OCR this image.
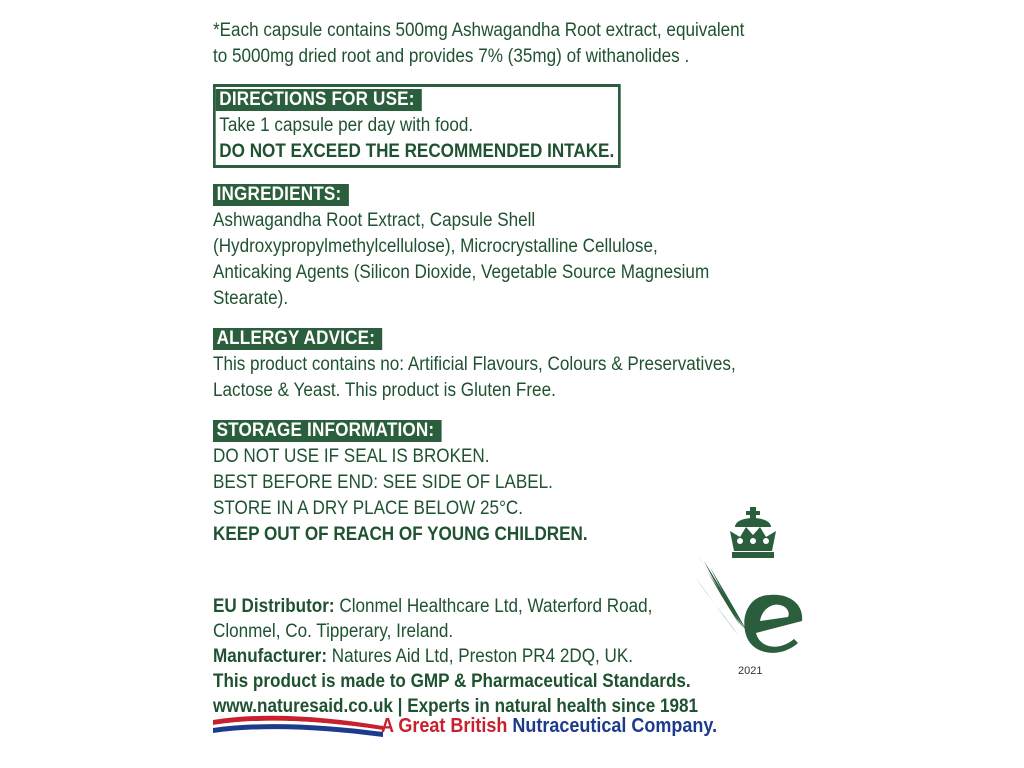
*Each capsule contains 500mg Ashwagandha Root extract, equivalent

to 5000mg dried root and provides 7% (35mg) of withanolides .

DIRECTIONS FOR USE:

Take 1 capsule per day with food.

DO NOT EXCEED THE RECOMMENDED INTAKE.

INGREDIENTS:

Ashwagandha Root Extract, Capsule Shell

(Hydroxypropylmethylcellulose), Microcrystalline Cellulose,

Anticaking Agents (Silicon Dioxide, Vegetable Source Magnesium

Stearate).

ALLERGY ADVICE:

This product contains no: Artificial Flavours, Colours & Preservatives,

Lactose & Yeast. This product is Gluten Free.

STORAGE INFORMATION:

DO NOT USE IF SEAL IS BROKEN.

BEST BEFORE END: SEE SIDE OF LABEL.

STORE IN A DRY PLACE BELOW 25°C.

KEEP OUT OF REACH OF YOUNG CHILDREN.

EU Distributor: Clonmel Healthcare Ltd, Waterford Road,

Clonmel, Co. Tipperary, Ireland.

Manufacturer: Natures Aid Ltd, Preston PR4 2DQ, UK.

This product is made to GMP & Pharmaceutical Standards.

www.naturesaid.co.uk | Experts in natural health since 1981

A Great British Nutraceutical Company.
2021
